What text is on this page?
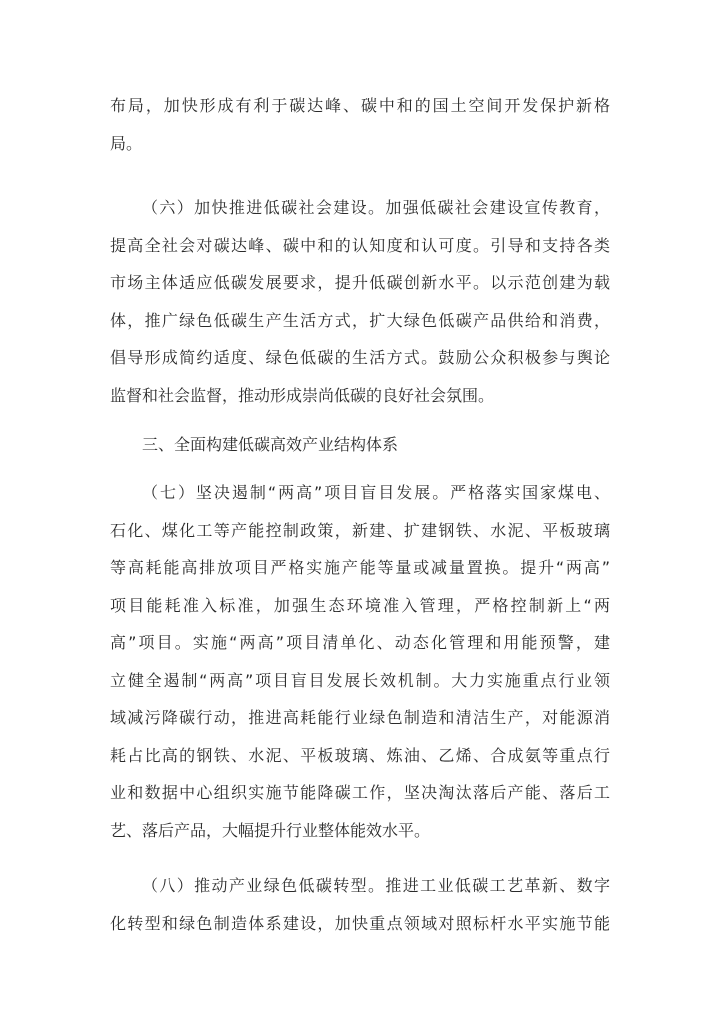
布局，加快形成有利于碳达峰、碳中和的国土空间开发保护新格
局。
（六）加快推进低碳社会建设。加强低碳社会建设宣传教育，
提高全社会对碳达峰、碳中和的认知度和认可度。引导和支持各类
市场主体适应低碳发展要求，提升低碳创新水平。以示范创建为载
体，推广绿色低碳生产生活方式，扩大绿色低碳产品供给和消费，
倡导形成简约适度、绿色低碳的生活方式。鼓励公众积极参与舆论
监督和社会监督，推动形成崇尚低碳的良好社会氛围。
三、全面构建低碳高效产业结构体系
（七）坚决遏制“两高”项目盲目发展。严格落实国家煤电、
石化、煤化工等产能控制政策，新建、扩建钢铁、水泥、平板玻璃
等高耗能高排放项目严格实施产能等量或减量置换。提升“两高”
项目能耗准入标准，加强生态环境准入管理，严格控制新上“两
高”项目。实施“两高”项目清单化、动态化管理和用能预警，建
立健全遏制“两高”项目盲目发展长效机制。大力实施重点行业领
域减污降碳行动，推进高耗能行业绿色制造和清洁生产，对能源消
耗占比高的钢铁、水泥、平板玻璃、炼油、乙烯、合成氨等重点行
业和数据中心组织实施节能降碳工作，坚决淘汰落后产能、落后工
艺、落后产品，大幅提升行业整体能效水平。
（八）推动产业绿色低碳转型。推进工业低碳工艺革新、数字
化转型和绿色制造体系建设，加快重点领域对照标杆水平实施节能
